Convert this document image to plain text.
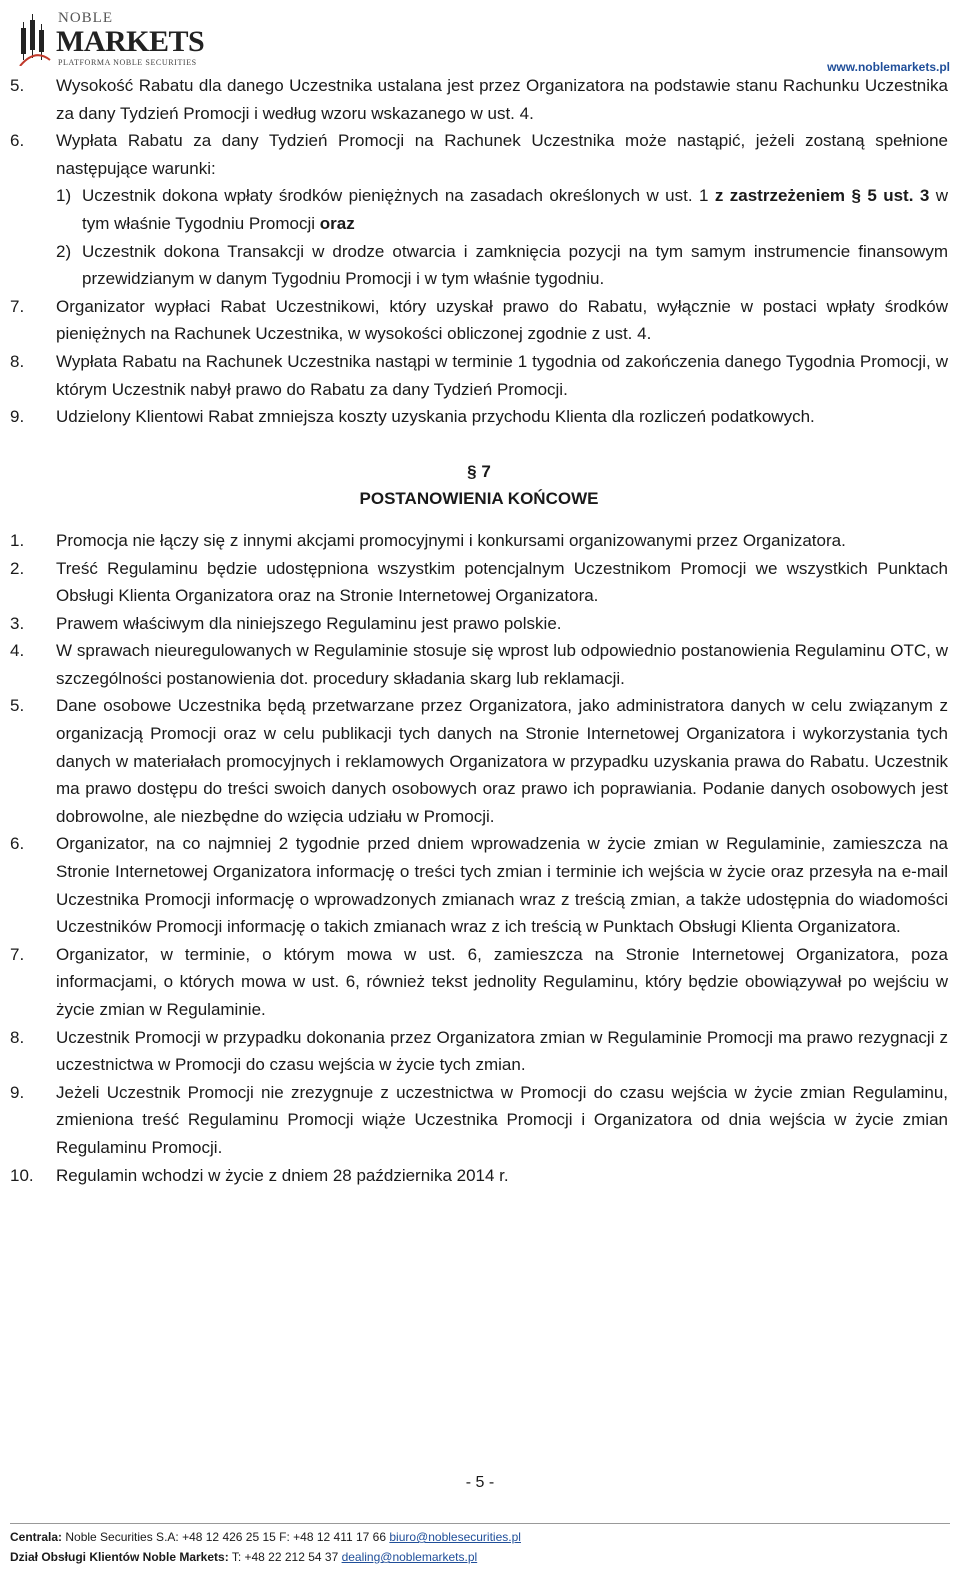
NOBLE
MARKETS
PLATFORMA NOBLE SECURITIES	www.noblemarkets.pl
5.	Wysokość Rabatu dla danego Uczestnika ustalana jest przez Organizatora na podstawie stanu Rachunku Uczestnika za dany Tydzień Promocji i według wzoru wskazanego w ust. 4.
6.	Wypłata Rabatu za dany Tydzień Promocji na Rachunek Uczestnika może nastąpić, jeżeli zostaną spełnione następujące warunki:
1) Uczestnik dokona wpłaty środków pieniężnych na zasadach określonych w ust. 1 z zastrzeżeniem § 5 ust. 3 w tym właśnie Tygodniu Promocji oraz
2) Uczestnik dokona Transakcji w drodze otwarcia i zamknięcia pozycji na tym samym instrumencie finansowym przewidzianym w danym Tygodniu Promocji i w tym właśnie tygodniu.
7.	Organizator wypłaci Rabat Uczestnikowi, który uzyskał prawo do Rabatu, wyłącznie w postaci wpłaty środków pieniężnych na Rachunek Uczestnika, w wysokości obliczonej zgodnie z ust. 4.
8.	Wypłata Rabatu na Rachunek Uczestnika nastąpi w terminie 1 tygodnia od zakończenia danego Tygodnia Promocji, w którym Uczestnik nabył prawo do Rabatu za dany Tydzień Promocji.
9.	Udzielony Klientowi Rabat zmniejsza koszty uzyskania przychodu Klienta dla rozliczeń podatkowych.
§ 7
POSTANOWIENIA KOŃCOWE
1.	Promocja nie łączy się z innymi akcjami promocyjnymi i konkursami organizowanymi przez Organizatora.
2.	Treść Regulaminu będzie udostępniona wszystkim potencjalnym Uczestnikom Promocji we wszystkich Punktach Obsługi Klienta Organizatora oraz na Stronie Internetowej Organizatora.
3.	Prawem właściwym dla niniejszego Regulaminu jest prawo polskie.
4.	W sprawach nieuregulowanych w Regulaminie stosuje się wprost lub odpowiednio postanowienia Regulaminu OTC, w szczególności postanowienia dot. procedury składania skarg lub reklamacji.
5.	Dane osobowe Uczestnika będą przetwarzane przez Organizatora, jako administratora danych w celu związanym z organizacją Promocji oraz w celu publikacji tych danych na Stronie Internetowej Organizatora i wykorzystania tych danych w materiałach promocyjnych i reklamowych Organizatora w przypadku uzyskania prawa do Rabatu. Uczestnik ma prawo dostępu do treści swoich danych osobowych oraz prawo ich poprawiania. Podanie danych osobowych jest dobrowolne, ale niezbędne do wzięcia udziału w Promocji.
6.	Organizator, na co najmniej 2 tygodnie przed dniem wprowadzenia w życie zmian w Regulaminie, zamieszcza na Stronie Internetowej Organizatora informację o treści tych zmian i terminie ich wejścia w życie oraz przesyła na e-mail Uczestnika Promocji informację o wprowadzonych zmianach wraz z treścią zmian, a także udostępnia do wiadomości Uczestników Promocji informację o takich zmianach wraz z ich treścią w Punktach Obsługi Klienta Organizatora.
7.	Organizator, w terminie, o którym mowa w ust. 6, zamieszcza na Stronie Internetowej Organizatora, poza informacjami, o których mowa w ust. 6, również tekst jednolity Regulaminu, który będzie obowiązywał po wejściu w życie zmian w Regulaminie.
8.	Uczestnik Promocji w przypadku dokonania przez Organizatora zmian w Regulaminie Promocji ma prawo rezygnacji z uczestnictwa w Promocji do czasu wejścia w życie tych zmian.
9.	Jeżeli Uczestnik Promocji nie zrezygnuje z uczestnictwa w Promocji do czasu wejścia w życie zmian Regulaminu, zmieniona treść Regulaminu Promocji wiąże Uczestnika Promocji i Organizatora od dnia wejścia w życie zmian Regulaminu Promocji.
10.	Regulamin wchodzi w życie z dniem 28 października 2014 r.
- 5 -
Centrala: Noble Securities S.A: +48 12 426 25 15 F: +48 12 411 17 66 biuro@noblesecurities.pl
Dział Obsługi Klientów Noble Markets: T: +48 22 212 54 37 dealing@noblemarkets.pl
